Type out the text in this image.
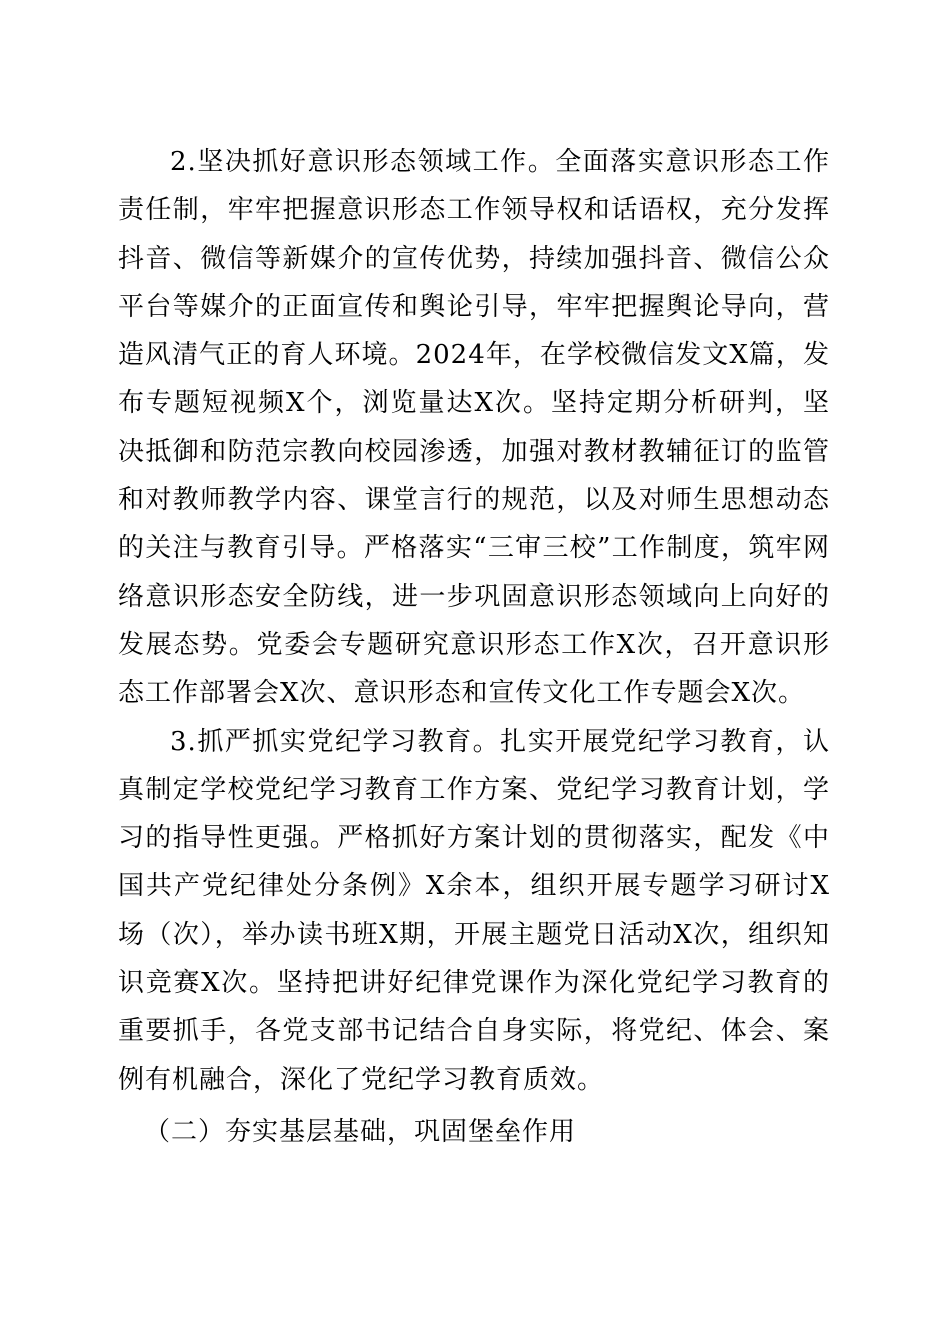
2.坚决抓好意识形态领域工作。全面落实意识形态工作责任制，牢牢把握意识形态工作领导权和话语权，充分发挥抖音、微信等新媒介的宣传优势，持续加强抖音、微信公众平台等媒介的正面宣传和舆论引导，牢牢把握舆论导向，营造风清气正的育人环境。2024年，在学校微信发文X篇，发布专题短视频X个，浏览量达X次。坚持定期分析研判，坚决抵御和防范宗教向校园渗透，加强对教材教辅征订的监管和对教师教学内容、课堂言行的规范，以及对师生思想动态的关注与教育引导。严格落实“三审三校”工作制度，筑牢网络意识形态安全防线，进一步巩固意识形态领域向上向好的发展态势。党委会专题研究意识形态工作X次，召开意识形态工作部署会X次、意识形态和宣传文化工作专题会X次。

3.抓严抓实党纪学习教育。扎实开展党纪学习教育，认真制定学校党纪学习教育工作方案、党纪学习教育计划，学习的指导性更强。严格抓好方案计划的贯彻落实，配发《中国共产党纪律处分条例》X余本，组织开展专题学习研讨X场（次），举办读书班X期，开展主题党日活动X次，组织知识竞赛X次。坚持把讲好纪律党课作为深化党纪学习教育的重要抓手，各党支部书记结合自身实际，将党纪、体会、案例有机融合，深化了党纪学习教育质效。

（二）夯实基层基础，巩固堡垒作用
